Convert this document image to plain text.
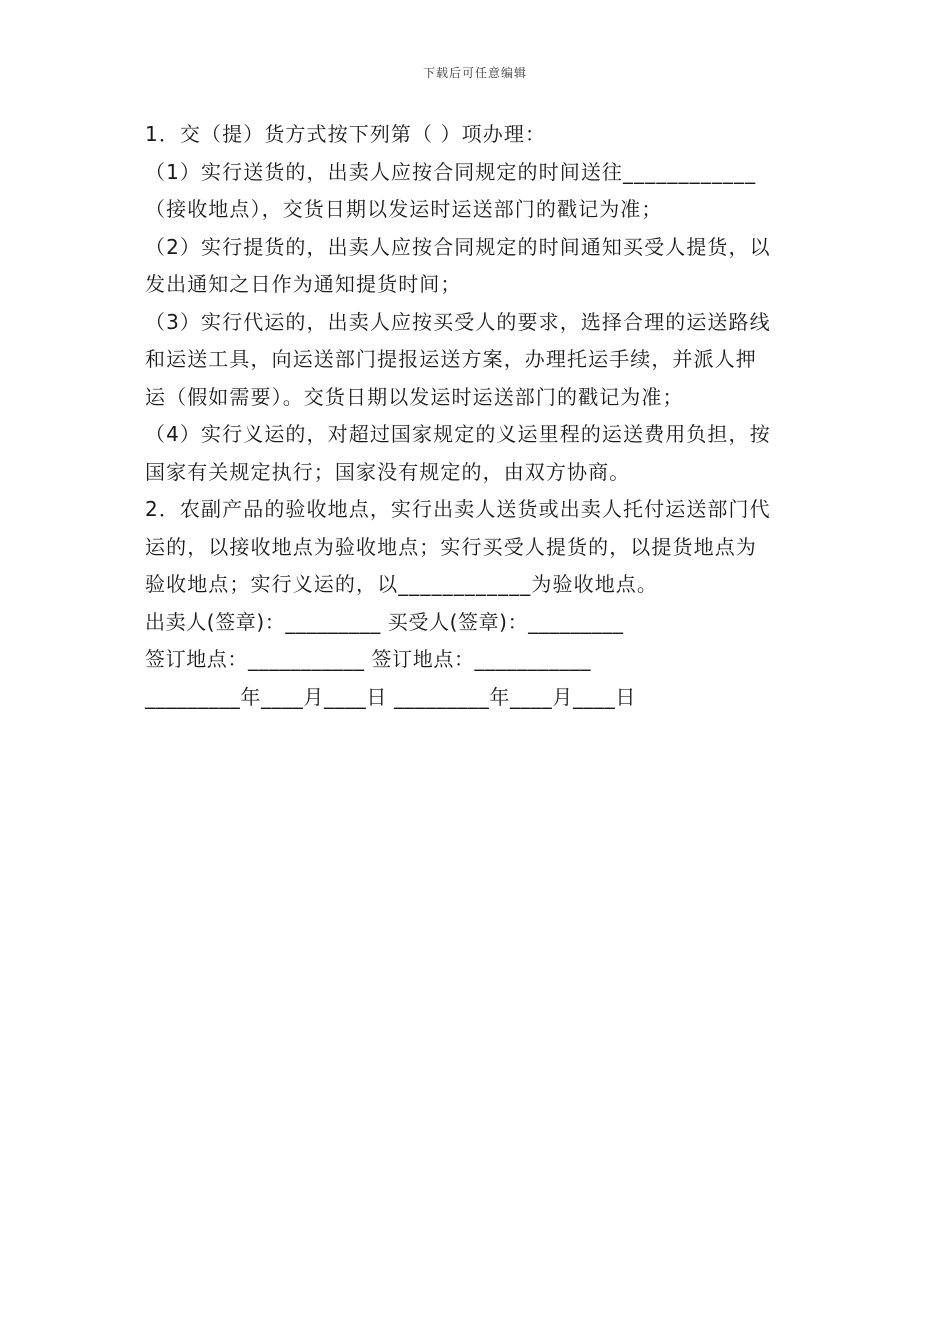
下载后可任意编辑
1．交（提）货方式按下列第（ ）项办理：
（1）实行送货的，出卖人应按合同规定的时间送往____________
（接收地点），交货日期以发运时运送部门的戳记为准；
（2）实行提货的，出卖人应按合同规定的时间通知买受人提货，以
发出通知之日作为通知提货时间；
（3）实行代运的，出卖人应按买受人的要求，选择合理的运送路线
和运送工具，向运送部门提报运送方案，办理托运手续，并派人押
运（假如需要）。交货日期以发运时运送部门的戳记为准；
（4）实行义运的，对超过国家规定的义运里程的运送费用负担，按
国家有关规定执行；国家没有规定的，由双方协商。
2．农副产品的验收地点，实行出卖人送货或出卖人托付运送部门代
运的，以接收地点为验收地点；实行买受人提货的，以提货地点为
验收地点；实行义运的，以____________为验收地点。
出卖人(签章)：_________ 买受人(签章)：_________
签订地点：___________ 签订地点：___________
_________年____月____日 _________年____月____日
